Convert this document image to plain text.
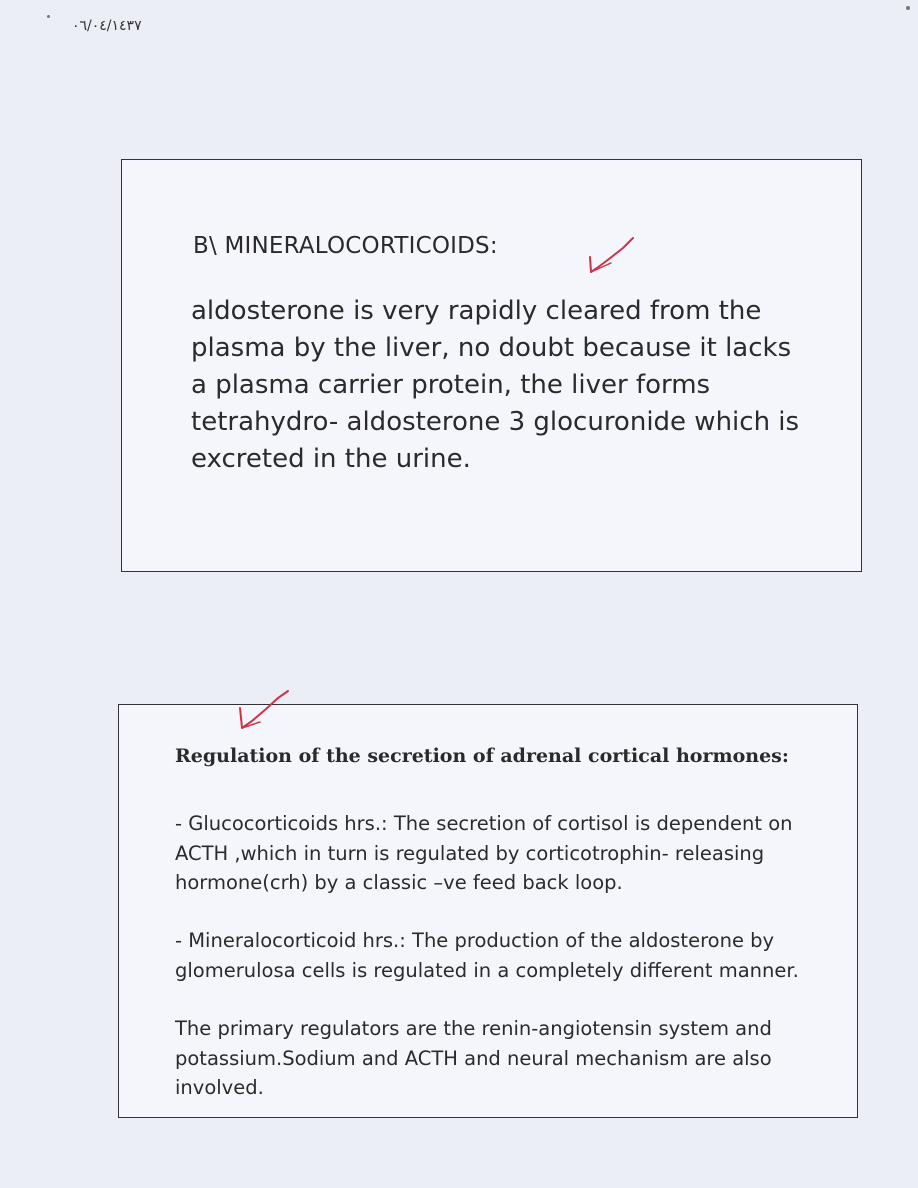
٠٦/٠٤/١٤٣٧
B\ MINERALOCORTICOIDS:
aldosterone is very rapidly cleared from the plasma by the liver, no doubt because it lacks a plasma carrier protein, the liver forms tetrahydro- aldosterone 3 glocuronide which is excreted in the urine.
Regulation of the secretion of adrenal cortical hormones:
- Glucocorticoids hrs.: The secretion of cortisol is dependent on ACTH ,which in turn is regulated by corticotrophin- releasing hormone(crh) by a classic –ve feed back loop.
- Mineralocorticoid hrs.: The production of the aldosterone by glomerulosa cells is regulated in a completely different manner.
The primary regulators are the renin-angiotensin system and potassium.Sodium and ACTH and neural mechanism are also involved.
